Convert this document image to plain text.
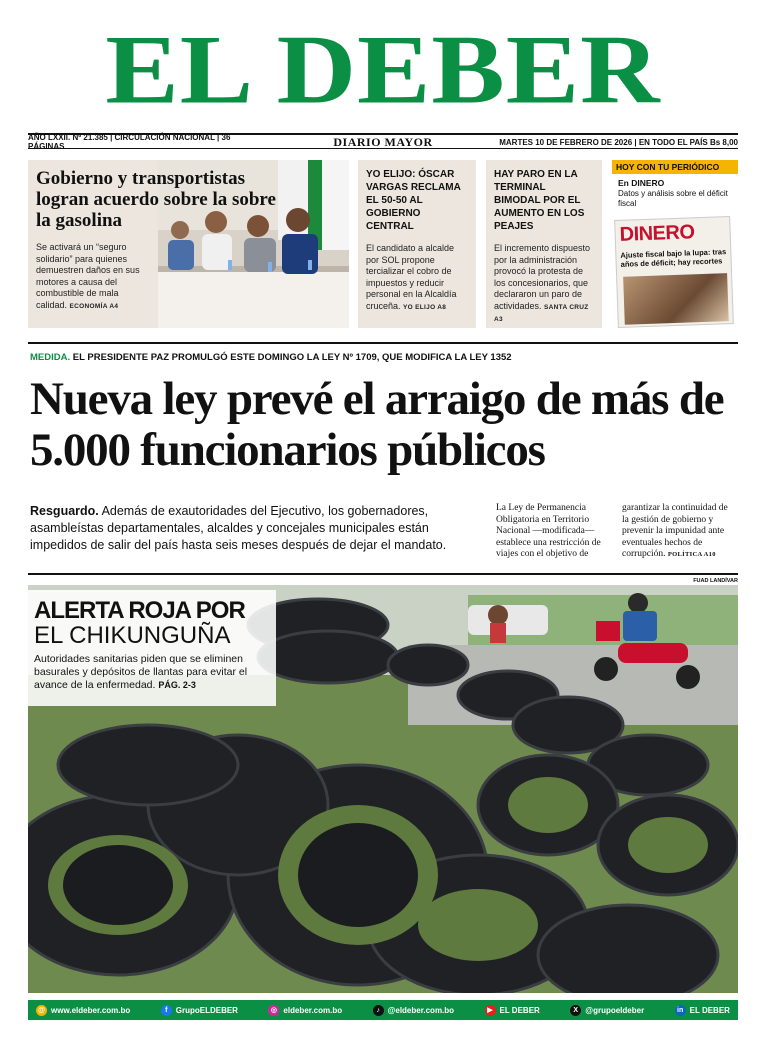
EL DEBER
AÑO LXXII. Nº 21.385 | CIRCULACIÓN NACIONAL | 36 PÁGINAS	DIARIO MAYOR	MARTES 10 DE FEBRERO DE 2026 | EN TODO EL PAÍS Bs 8,00
Gobierno y transportistas logran acuerdo sobre la sobre la gasolina
Se activará un “seguro solidario” para quienes demuestren daños en sus motores a causa del combustible de mala calidad. ECONOMÍA A4
YO ELIJO: ÓSCAR VARGAS RECLAMA EL 50-50 AL GOBIERNO CENTRAL
El candidato a alcalde por SOL propone tercializar el cobro de impuestos y reducir personal en la Alcaldía cruceña. YO ELIJO A8
HAY PARO EN LA TERMINAL BIMODAL POR EL AUMENTO EN LOS PEAJES
El incremento dispuesto por la administración provocó la protesta de los concesionarios, que declararon un paro de actividades. SANTA CRUZ A3
HOY CON TU PERIÓDICO
En DINERO
Datos y análisis sobre el déficit fiscal
DINERO
Ajuste fiscal bajo la lupa: tras años de déficit; hay recortes
MEDIDA. EL PRESIDENTE PAZ PROMULGÓ ESTE DOMINGO LA LEY Nº 1709, QUE MODIFICA LA LEY 1352
Nueva ley prevé el arraigo de más de 5.000 funcionarios públicos
Resguardo. Además de exautoridades del Ejecutivo, los gobernadores, asambleístas departamentales, alcaldes y concejales municipales están impedidos de salir del país hasta seis meses después de dejar el mandato.
La Ley de Permanencia Obligatoria en Territorio Nacional —modificada— establece una restricción de viajes con el objetivo de
garantizar la continuidad de la gestión de gobierno y prevenir la impunidad ante eventuales hechos de corrupción. POLÍTICA A10
FUAD LANDÍVAR
ALERTA ROJA POR
EL CHIKUNGUÑA
Autoridades sanitarias piden que se eliminen basurales y depósitos de llantas para evitar el avance de la enfermedad. PÁG. 2-3
@ www.eldeber.com.bo	f	GrupoELDEBER	◎ eldeber.com.bo	♪ @eldeber.com.bo	▶ EL DEBER	X @grupoeldeber	in EL DEBER
